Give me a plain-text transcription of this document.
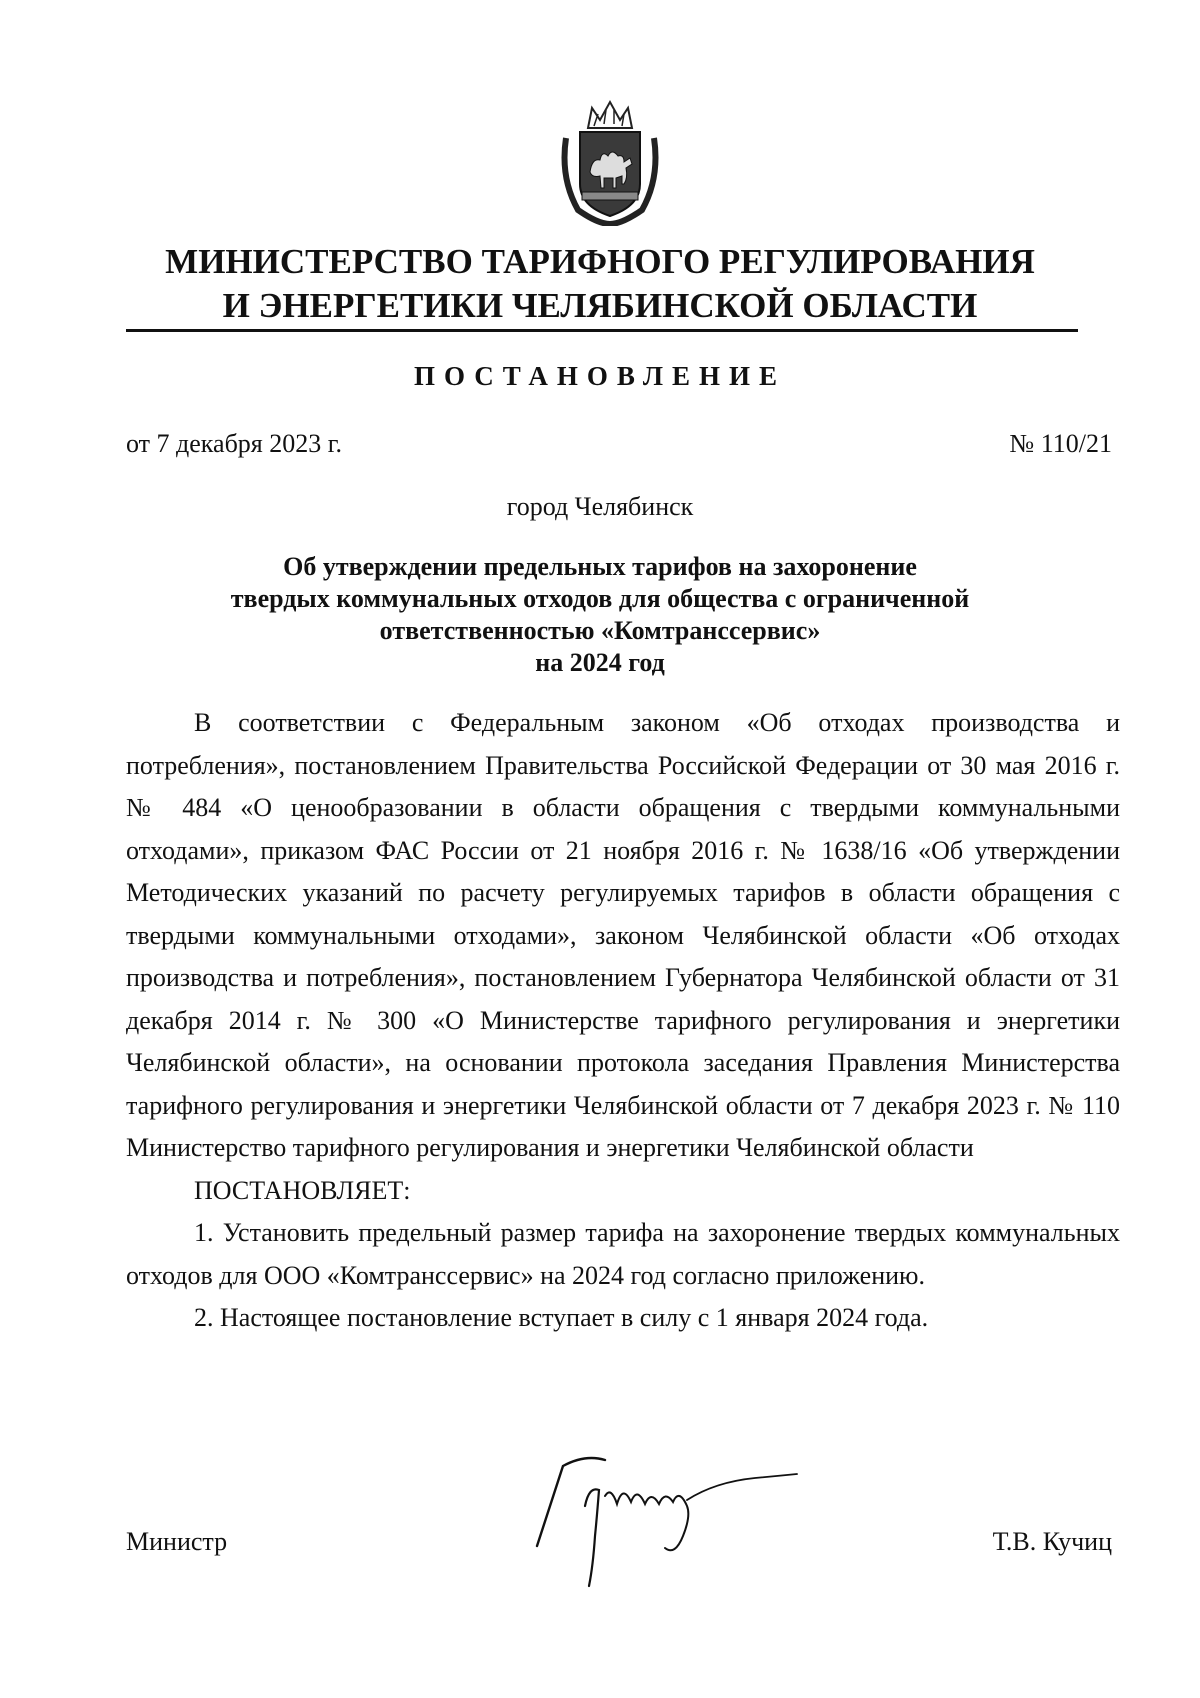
МИНИСТЕРСТВО ТАРИФНОГО РЕГУЛИРОВАНИЯ
И ЭНЕРГЕТИКИ ЧЕЛЯБИНСКОЙ ОБЛАСТИ
ПОСТАНОВЛЕНИЕ
от 7 декабря 2023 г.	№ 110/21
город Челябинск
Об утверждении предельных тарифов на захоронение
твердых коммунальных отходов для общества с ограниченной
ответственностью «Комтранссервис»
на 2024 год

В соответствии с Федеральным законом «Об отходах производства и потребления», постановлением Правительства Российской Федерации от 30 мая 2016 г. № 484 «О ценообразовании в области обращения с твердыми коммунальными отходами», приказом ФАС России от 21 ноября 2016 г. № 1638/16 «Об утверждении Методических указаний по расчету регулируемых тарифов в области обращения с твердыми коммунальными отходами», законом Челябинской области «Об отходах производства и потребления», постановлением Губернатора Челябинской области от 31 декабря 2014 г. № 300 «О Министерстве тарифного регулирования и энергетики Челябинской области», на основании протокола заседания Правления Министерства тарифного регулирования и энергетики Челябинской области от 7 декабря 2023 г. № 110 Министерство тарифного регулирования и энергетики Челябинской области

ПОСТАНОВЛЯЕТ:

1. Установить предельный размер тарифа на захоронение твердых коммунальных отходов для ООО «Комтранссервис» на 2024 год согласно приложению.

2. Настоящее постановление вступает в силу с 1 января 2024 года.

Министр	Т.В. Кучиц
